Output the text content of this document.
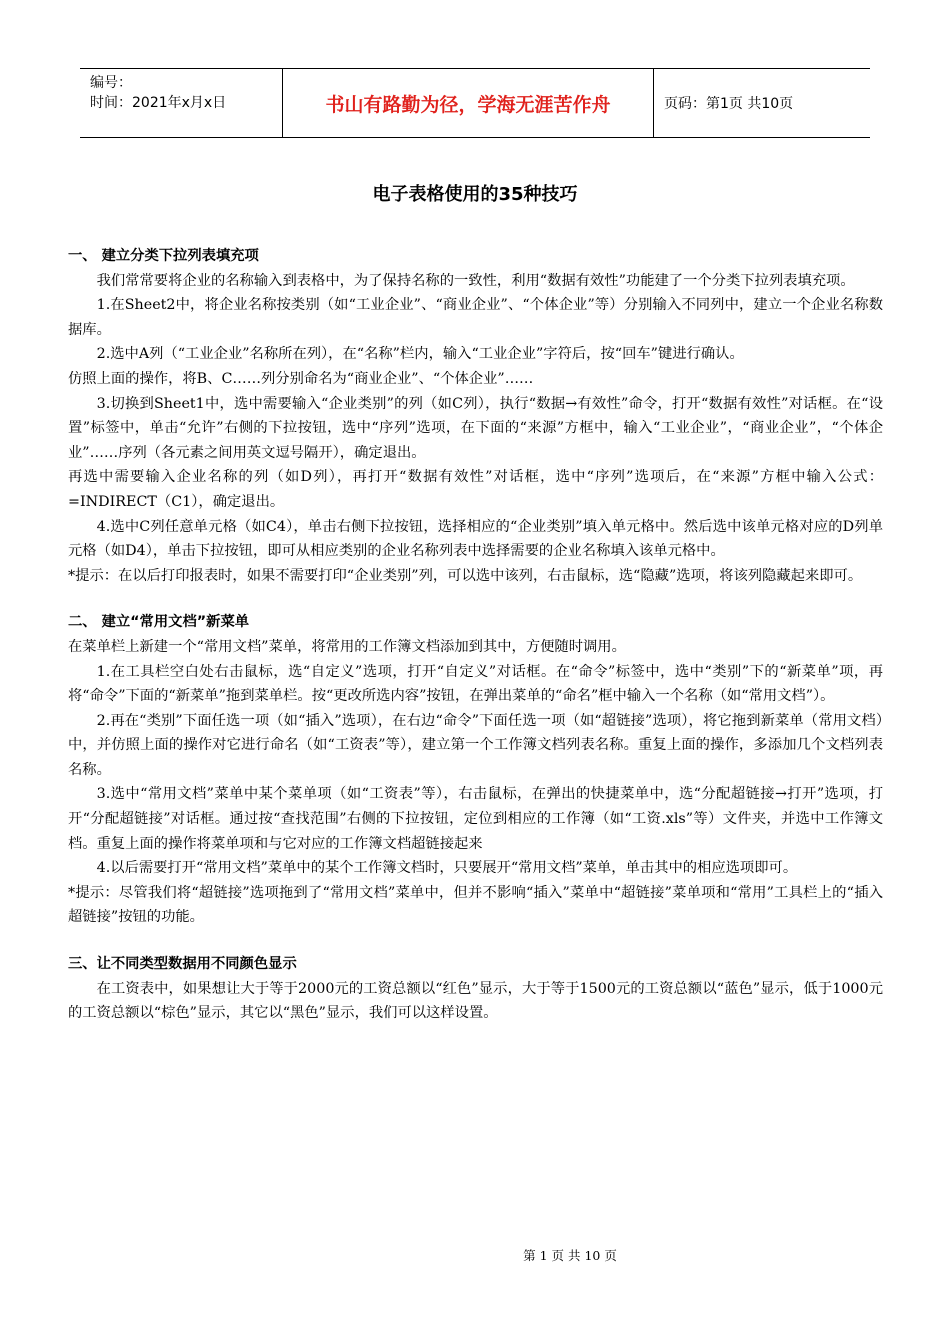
编号：
时间：2021年x月x日	书山有路勤为径，学海无涯苦作舟	页码：第1页 共10页
电子表格使用的35种技巧

一、 建立分类下拉列表填充项

我们常常要将企业的名称输入到表格中，为了保持名称的一致性，利用“数据有效性”功能建了一个分类下拉列表填充项。

1.在Sheet2中，将企业名称按类别（如“工业企业”、“商业企业”、“个体企业”等）分别输入不同列中，建立一个企业名称数据库。

2.选中A列（“工业企业”名称所在列），在“名称”栏内，输入“工业企业”字符后，按“回车”键进行确认。

仿照上面的操作，将B、C……列分别命名为“商业企业”、“个体企业”……

3.切换到Sheet1中，选中需要输入“企业类别”的列（如C列），执行“数据→有效性”命令，打开“数据有效性”对话框。在“设置”标签中，单击“允许”右侧的下拉按钮，选中“序列”选项，在下面的“来源”方框中，输入“工业企业”，“商业企业”，“个体企业”……序列（各元素之间用英文逗号隔开），确定退出。

再选中需要输入企业名称的列（如D列），再打开“数据有效性”对话框，选中“序列”选项后，在“来源”方框中输入公式：=INDIRECT（C1），确定退出。

4.选中C列任意单元格（如C4），单击右侧下拉按钮，选择相应的“企业类别”填入单元格中。然后选中该单元格对应的D列单元格（如D4），单击下拉按钮，即可从相应类别的企业名称列表中选择需要的企业名称填入该单元格中。

*提示：在以后打印报表时，如果不需要打印“企业类别”列，可以选中该列，右击鼠标，选“隐藏”选项，将该列隐藏起来即可。

二、 建立“常用文档”新菜单

在菜单栏上新建一个“常用文档”菜单，将常用的工作簿文档添加到其中，方便随时调用。

1.在工具栏空白处右击鼠标，选“自定义”选项，打开“自定义”对话框。在“命令”标签中，选中“类别”下的“新菜单”项，再将“命令”下面的“新菜单”拖到菜单栏。按“更改所选内容”按钮，在弹出菜单的“命名”框中输入一个名称（如“常用文档”）。

2.再在“类别”下面任选一项（如“插入”选项），在右边“命令”下面任选一项（如“超链接”选项），将它拖到新菜单（常用文档）中，并仿照上面的操作对它进行命名（如“工资表”等），建立第一个工作簿文档列表名称。重复上面的操作，多添加几个文档列表名称。

3.选中“常用文档”菜单中某个菜单项（如“工资表”等），右击鼠标，在弹出的快捷菜单中，选“分配超链接→打开”选项，打开“分配超链接”对话框。通过按“查找范围”右侧的下拉按钮，定位到相应的工作簿（如“工资.xls”等）文件夹，并选中工作簿文档。重复上面的操作将菜单项和与它对应的工作簿文档超链接起来

4.以后需要打开“常用文档”菜单中的某个工作簿文档时，只要展开“常用文档”菜单，单击其中的相应选项即可。

*提示：尽管我们将“超链接”选项拖到了“常用文档”菜单中，但并不影响“插入”菜单中“超链接”菜单项和“常用”工具栏上的“插入超链接”按钮的功能。

三、让不同类型数据用不同颜色显示

在工资表中，如果想让大于等于2000元的工资总额以“红色”显示，大于等于1500元的工资总额以“蓝色”显示，低于1000元的工资总额以“棕色”显示，其它以“黑色”显示，我们可以这样设置。

第 1 页 共 10 页
